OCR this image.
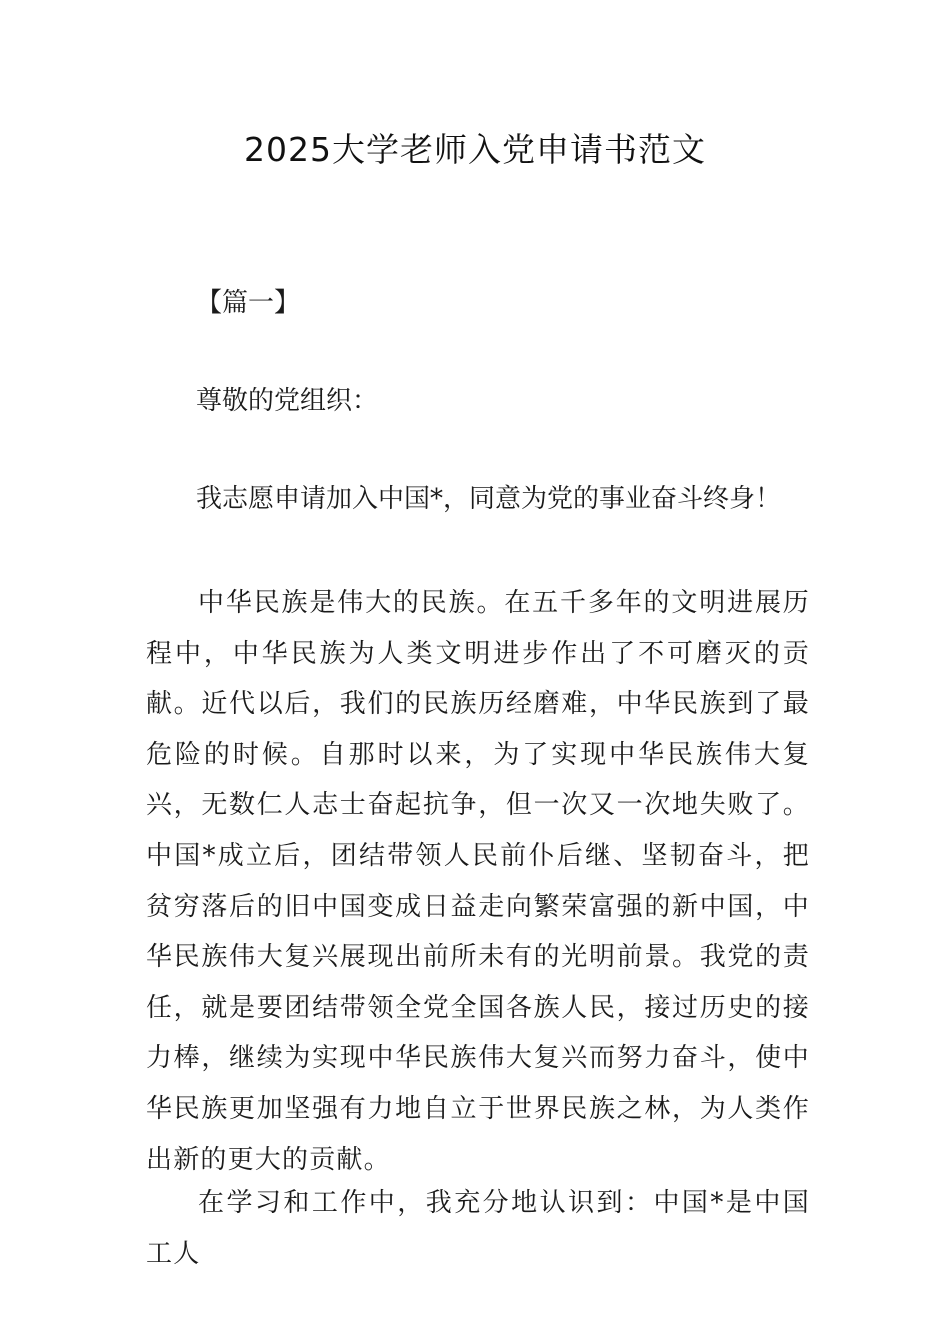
2025大学老师入党申请书范文
【篇一】
尊敬的党组织：
我志愿申请加入中国*，同意为党的事业奋斗终身！
中华民族是伟大的民族。在五千多年的文明进展历程中，中华民族为人类文明进步作出了不可磨灭的贡献。近代以后，我们的民族历经磨难，中华民族到了最危险的时候。自那时以来，为了实现中华民族伟大复兴，无数仁人志士奋起抗争，但一次又一次地失败了。中国*成立后，团结带领人民前仆后继、坚韧奋斗，把贫穷落后的旧中国变成日益走向繁荣富强的新中国，中华民族伟大复兴展现出前所未有的光明前景。我党的责任，就是要团结带领全党全国各族人民，接过历史的接力棒，继续为实现中华民族伟大复兴而努力奋斗，使中华民族更加坚强有力地自立于世界民族之林，为人类作出新的更大的贡献。
在学习和工作中，我充分地认识到：中国*是中国工人
